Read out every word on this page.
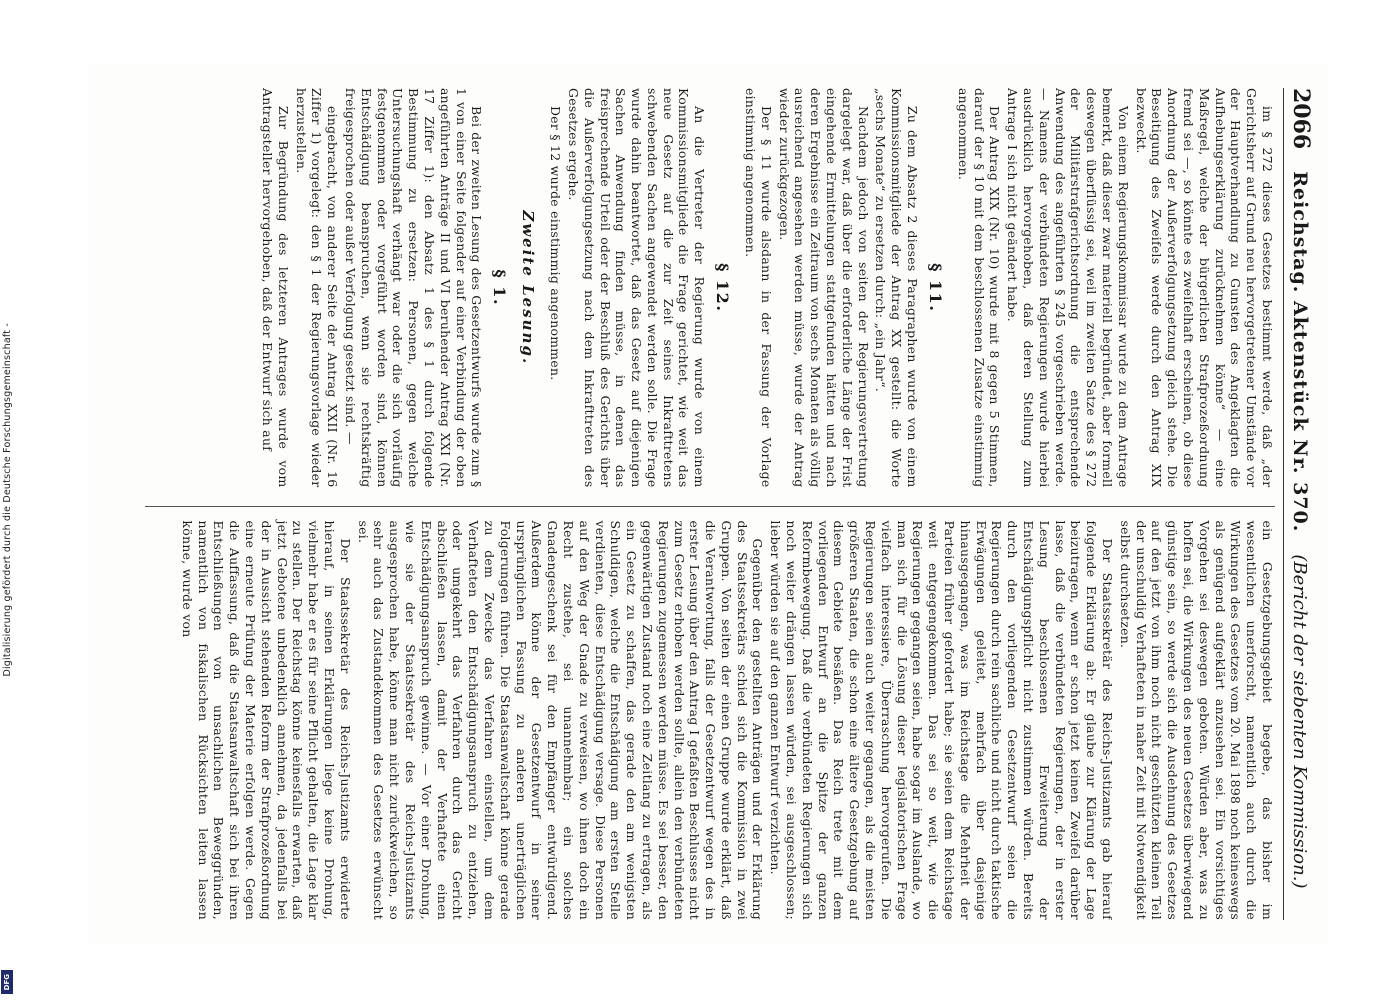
Digitalisierung gefördert durch die Deutsche Forschungsgemeinschaft -
DFG
2066
Reichstag. Aktenstück Nr. 370.
(Bericht der siebenten Kommission.)

im § 272 dieses Gesetzes bestimmt werde, daß „der Gerichtsherr auf Grund neu hervorgetretener Umstände vor der Hauptverhandlung zu Gunsten des Angeklagten die Aufhebungserklärung zurücknehmen könne“ — eine Maßregel, welche der bürgerlichen Strafprozeßordnung fremd sei —, so könnte es zweifelhaft erscheinen, ob diese Anordnung der Außerverfolgungsetzung gleich stehe. Die Beseitigung des Zweifels werde durch den Antrag XIX bezweckt.

Von einem Regierungskommissar wurde zu dem Antrage bemerkt, daß dieser zwar materiell begründet, aber formell deswegen überflüssig sei, weil im zweiten Satze des § 272 der Militärstrafgerichtsordnung die entsprechende Anwendung des angeführten § 245 vorgeschrieben werde. — Namens der verbündeten Regierungen wurde hierbei ausdrücklich hervorgehoben, daß deren Stellung zum Antrage I sich nicht geändert habe.

Der Antrag XIX (Nr. 10) wurde mit 8 gegen 5 Stimmen, darauf der § 10 mit dem beschlossenen Zusatze einstimmig angenommen.

§ 11.

Zu dem Absatz 2 dieses Paragraphen wurde von einem Kommissionsmitgliede der Antrag XX gestellt: die Worte „sechs Monate“ zu ersetzen durch: „ein Jahr“.

Nachdem jedoch von seiten der Regierungsvertretung dargelegt war, daß über die erforderliche Länge der Frist eingehende Ermittelungen stattgefunden hätten und nach deren Ergebnisse ein Zeitraum von sechs Monaten als völlig ausreichend angesehen werden müsse, wurde der Antrag wieder zurückgezogen.

Der § 11 wurde alsdann in der Fassung der Vorlage einstimmig angenommen.

§ 12.

An die Vertreter der Regierung wurde von einem Kommissionsmitgliede die Frage gerichtet, wie weit das neue Gesetz auf die zur Zeit seines Inkrafttretens schwebenden Sachen angewendet werden solle. Die Frage wurde dahin beantwortet, daß das Gesetz auf diejenigen Sachen Anwendung finden müsse, in denen das freisprechende Urteil oder der Beschluß des Gerichts über die Außerverfolgungsetzung nach dem Inkrafttreten des Gesetzes ergehe.

Der § 12 wurde einstimmig angenommen.

Zweite Lesung.
§ 1.

Bei der zweiten Lesung des Gesetzentwurfs wurde zum § 1 von einer Seite folgender auf einer Verbindung der oben angeführten Anträge II und VI beruhender Antrag XXI (Nr. 17 Ziffer 1): den Absatz 1 des § 1 durch folgende Bestimmung zu ersetzen: Personen, gegen welche Untersuchungshaft verhängt war oder die sich vorläufig festgenommen oder vorgeführt worden sind, können Entschädigung beanspruchen, wenn sie rechtskräftig freigesprochen oder außer Verfolgung gesetzt sind. —

eingebracht, von anderer Seite der Antrag XXII (Nr. 16 Ziffer 1) vorgelegt: den § 1 der Regierungsvorlage wieder herzustellen.

Zur Begründung des letzteren Antrages wurde vom Antragsteller hervorgehoben, daß der Entwurf sich auf

ein Gesetzgebungsgebiet begebe, das bisher im wesentlichen unerforscht, namentlich auch durch die Wirkungen des Gesetzes vom 20. Mai 1898 noch keineswegs als genügend aufgeklärt anzusehen sei. Ein vorsichtiges Vorgehen sei deswegen geboten. Würden aber, was zu hoffen sei, die Wirkungen des neuen Gesetzes überwiegend günstige sein, so werde sich die Ausdehnung des Gesetzes auf den jetzt von ihm noch nicht geschützten kleinen Teil der unschuldig Verhafteten in naher Zeit mit Notwendigkeit selbst durchsetzen.

Der Staatssekretär des Reichs-Justizamts gab hierauf folgende Erklärung ab: Er glaube zur Klärung der Lage beizutragen, wenn er schon jetzt keinen Zweifel darüber lasse, daß die verbündeten Regierungen, der in erster Lesung beschlossenen Erweiterung der Entschädigungspflicht nicht zustimmen würden. Bereits durch den vorliegenden Gesetzentwurf seien die Regierungen durch rein sachliche und nicht durch taktische Erwägungen geleitet, mehrfach über dasjenige hinausgegangen, was im Reichstage die Mehrheit der Parteien früher gefordert habe; sie seien dem Reichstage weit entgegengekommen. Das sei so weit, wie die Regierungen gegangen seien, habe sogar im Auslande, wo man sich für die Lösung dieser legislatorischen Frage vielfach interessiere, Überraschung hervorgerufen. Die Regierungen seien auch weiter gegangen, als die meisten größeren Staaten, die schon eine ältere Gesetzgebung auf diesem Gebiete besäßen. Das Reich trete mit dem vorliegenden Entwurf an die Spitze der ganzen Reformbewegung. Daß die verbündeten Regierungen sich noch weiter drängen lassen würden, sei ausgeschlossen; lieber würden sie auf den ganzen Entwurf verzichten.

Gegenüber den gestellten Anträgen und der Erklärung des Staatssekretärs schied sich die Kommission in zwei Gruppen. Von seiten der einen Gruppe wurde erklärt, daß die Verantwortung, falls der Gesetzentwurf wegen des in erster Lesung über den Antrag I gefaßten Beschlusses nicht zum Gesetz erhoben werden sollte, allein den verbündeten Regierungen zugemessen werden müsse. Es sei besser, den gegenwärtigen Zustand noch eine Zeitlang zu ertragen, als ein Gesetz zu schaffen, das gerade den am wenigsten Schuldigen, welche die Entschädigung am ersten Stelle verdienten, diese Entschädigung versage. Diese Personen auf den Weg der Gnade zu verweisen, wo ihnen doch ein Recht zustehe, sei unannehmbar; ein solches Gnadengeschenk sei für den Empfänger entwürdigend. Außerdem könne der Gesetzentwurf in seiner ursprünglichen Fassung zu anderen unerträglichen Folgerungen führen. Die Staatsanwaltschaft könne gerade zu dem Zwecke das Verfahren einstellen, um dem Verhafteten den Entschädigungsanspruch zu entziehen, oder umgekehrt das Verfahren durch das Gericht abschließen lassen, damit der Verhaftete einen Entschädigungsanspruch gewinne. — Vor einer Drohung, wie sie der Staatssekretär des Reichs-Justizamts ausgesprochen habe, könne man nicht zurückweichen, so sehr auch das Zustandekommen des Gesetzes erwünscht sei.

Der Staatssekretär des Reichs-Justizamts erwiderte hierauf, in seinen Erklärungen liege keine Drohung, vielmehr habe er es für seine Pflicht gehalten, die Lage klar zu stellen. Der Reichstag könne keinesfalls erwarten, daß jetzt Gebotene unbedenklich annehmen, da jedenfalls bei der in Aussicht stehenden Reform der Strafprozeßordnung eine erneute Prüfung der Materie erfolgen werde. Gegen die Auffassung, daß die Staatsanwaltschaft sich bei ihren Entschließungen von unsachlichen Beweggründen, namentlich von fiskalischen Rücksichten leiten lassen könne, wurde von
